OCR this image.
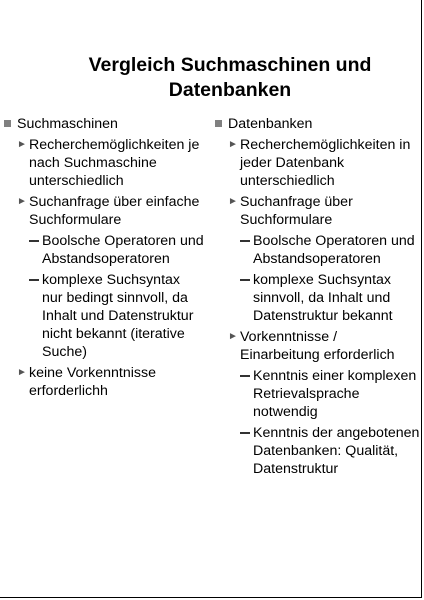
Vergleich Suchmaschinen und Datenbanken
Suchmaschinen
► Recherchemöglichkeiten je nach Suchmaschine unterschiedlich
► Suchanfrage über einfache Suchformulare
Boolsche Operatoren und Abstandsoperatoren
komplexe Suchsyntax nur bedingt sinnvoll, da Inhalt und Datenstruktur nicht bekannt (iterative Suche)
► keine Vorkenntnisse erforderlichh
Datenbanken
► Recherchemöglichkeiten in jeder Datenbank unterschiedlich
► Suchanfrage über Suchformulare
Boolsche Operatoren und Abstandsoperatoren
komplexe Suchsyntax sinnvoll, da Inhalt und Datenstruktur bekannt
► Vorkenntnisse / Einarbeitung erforderlich
Kenntnis einer komplexen Retrievalsprache notwendig
Kenntnis der angebotenen Datenbanken: Qualität, Datenstruktur
